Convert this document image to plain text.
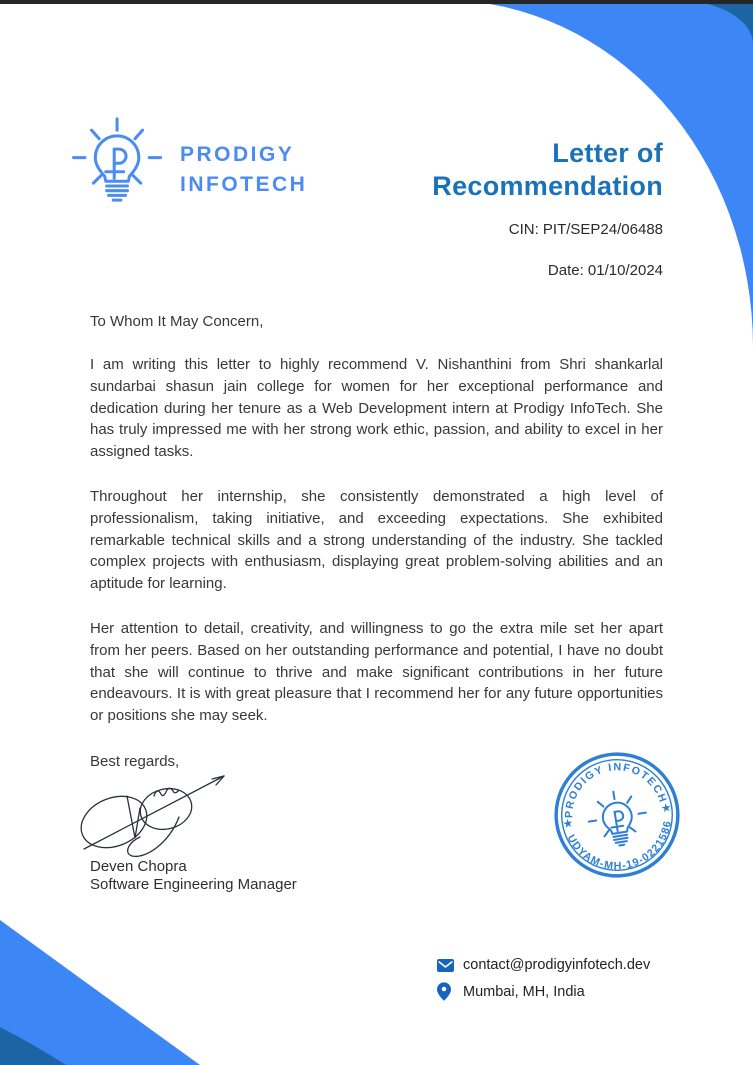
PRODIGY
INFOTECH
Letter of
Recommendation
CIN: PIT/SEP24/06488
Date: 01/10/2024
To Whom It May Concern,

I am writing this letter to highly recommend V. Nishanthini from Shri shankarlal sundarbai shasun jain college for women for her exceptional performance and dedication during her tenure as a Web Development intern at Prodigy InfoTech. She has truly impressed me with her strong work ethic, passion, and ability to excel in her assigned tasks.

Throughout her internship, she consistently demonstrated a high level of professionalism, taking initiative, and exceeding expectations. She exhibited remarkable technical skills and a strong understanding of the industry. She tackled complex projects with enthusiasm, displaying great problem-solving abilities and an aptitude for learning.

Her attention to detail, creativity, and willingness to go the extra mile set her apart from her peers. Based on her outstanding performance and potential, I have no doubt that she will continue to thrive and make significant contributions in her future endeavours. It is with great pleasure that I recommend her for any future opportunities or positions she may seek.

Best regards,
Deven Chopra
Software Engineering Manager
PRODIGY INFOTECH
UDYAM-MH-19-0221586
★
★
contact@prodigyinfotech.dev
Mumbai, MH, India
